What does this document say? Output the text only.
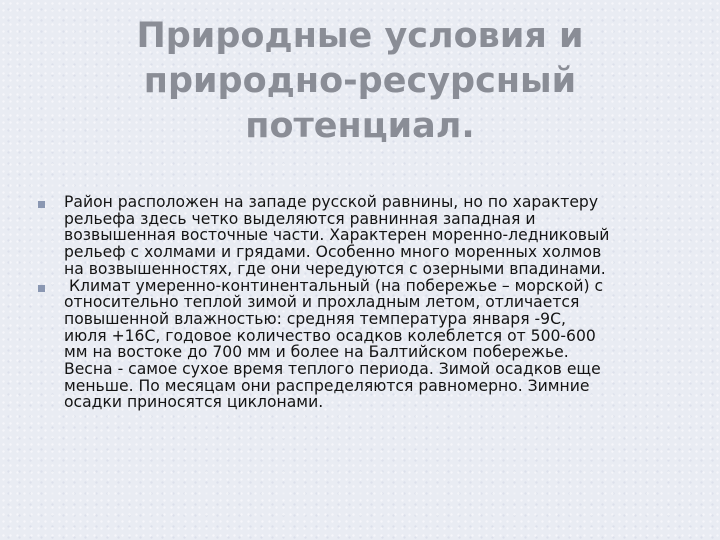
Природные условия и
природно-ресурсный
потенциал.
Район расположен на западе русской равнины, но по характеру
рельефа здесь четко выделяются равнинная западная и
возвышенная восточные части. Характерен моренно-ледниковый
рельеф с холмами и грядами. Особенно много моренных холмов
на возвышенностях, где они чередуются с озерными впадинами.
Климат умеренно-континентальный (на побережье – морской) с
относительно теплой зимой и прохладным летом, отличается
повышенной влажностью: средняя температура января -9С,
июля +16С, годовое количество осадков колеблется от 500-600
мм на востоке до 700 мм и более на Балтийском побережье.
Весна - самое сухое время теплого периода. Зимой осадков еще
меньше. По месяцам они распределяются равномерно. Зимние
осадки приносятся циклонами.
